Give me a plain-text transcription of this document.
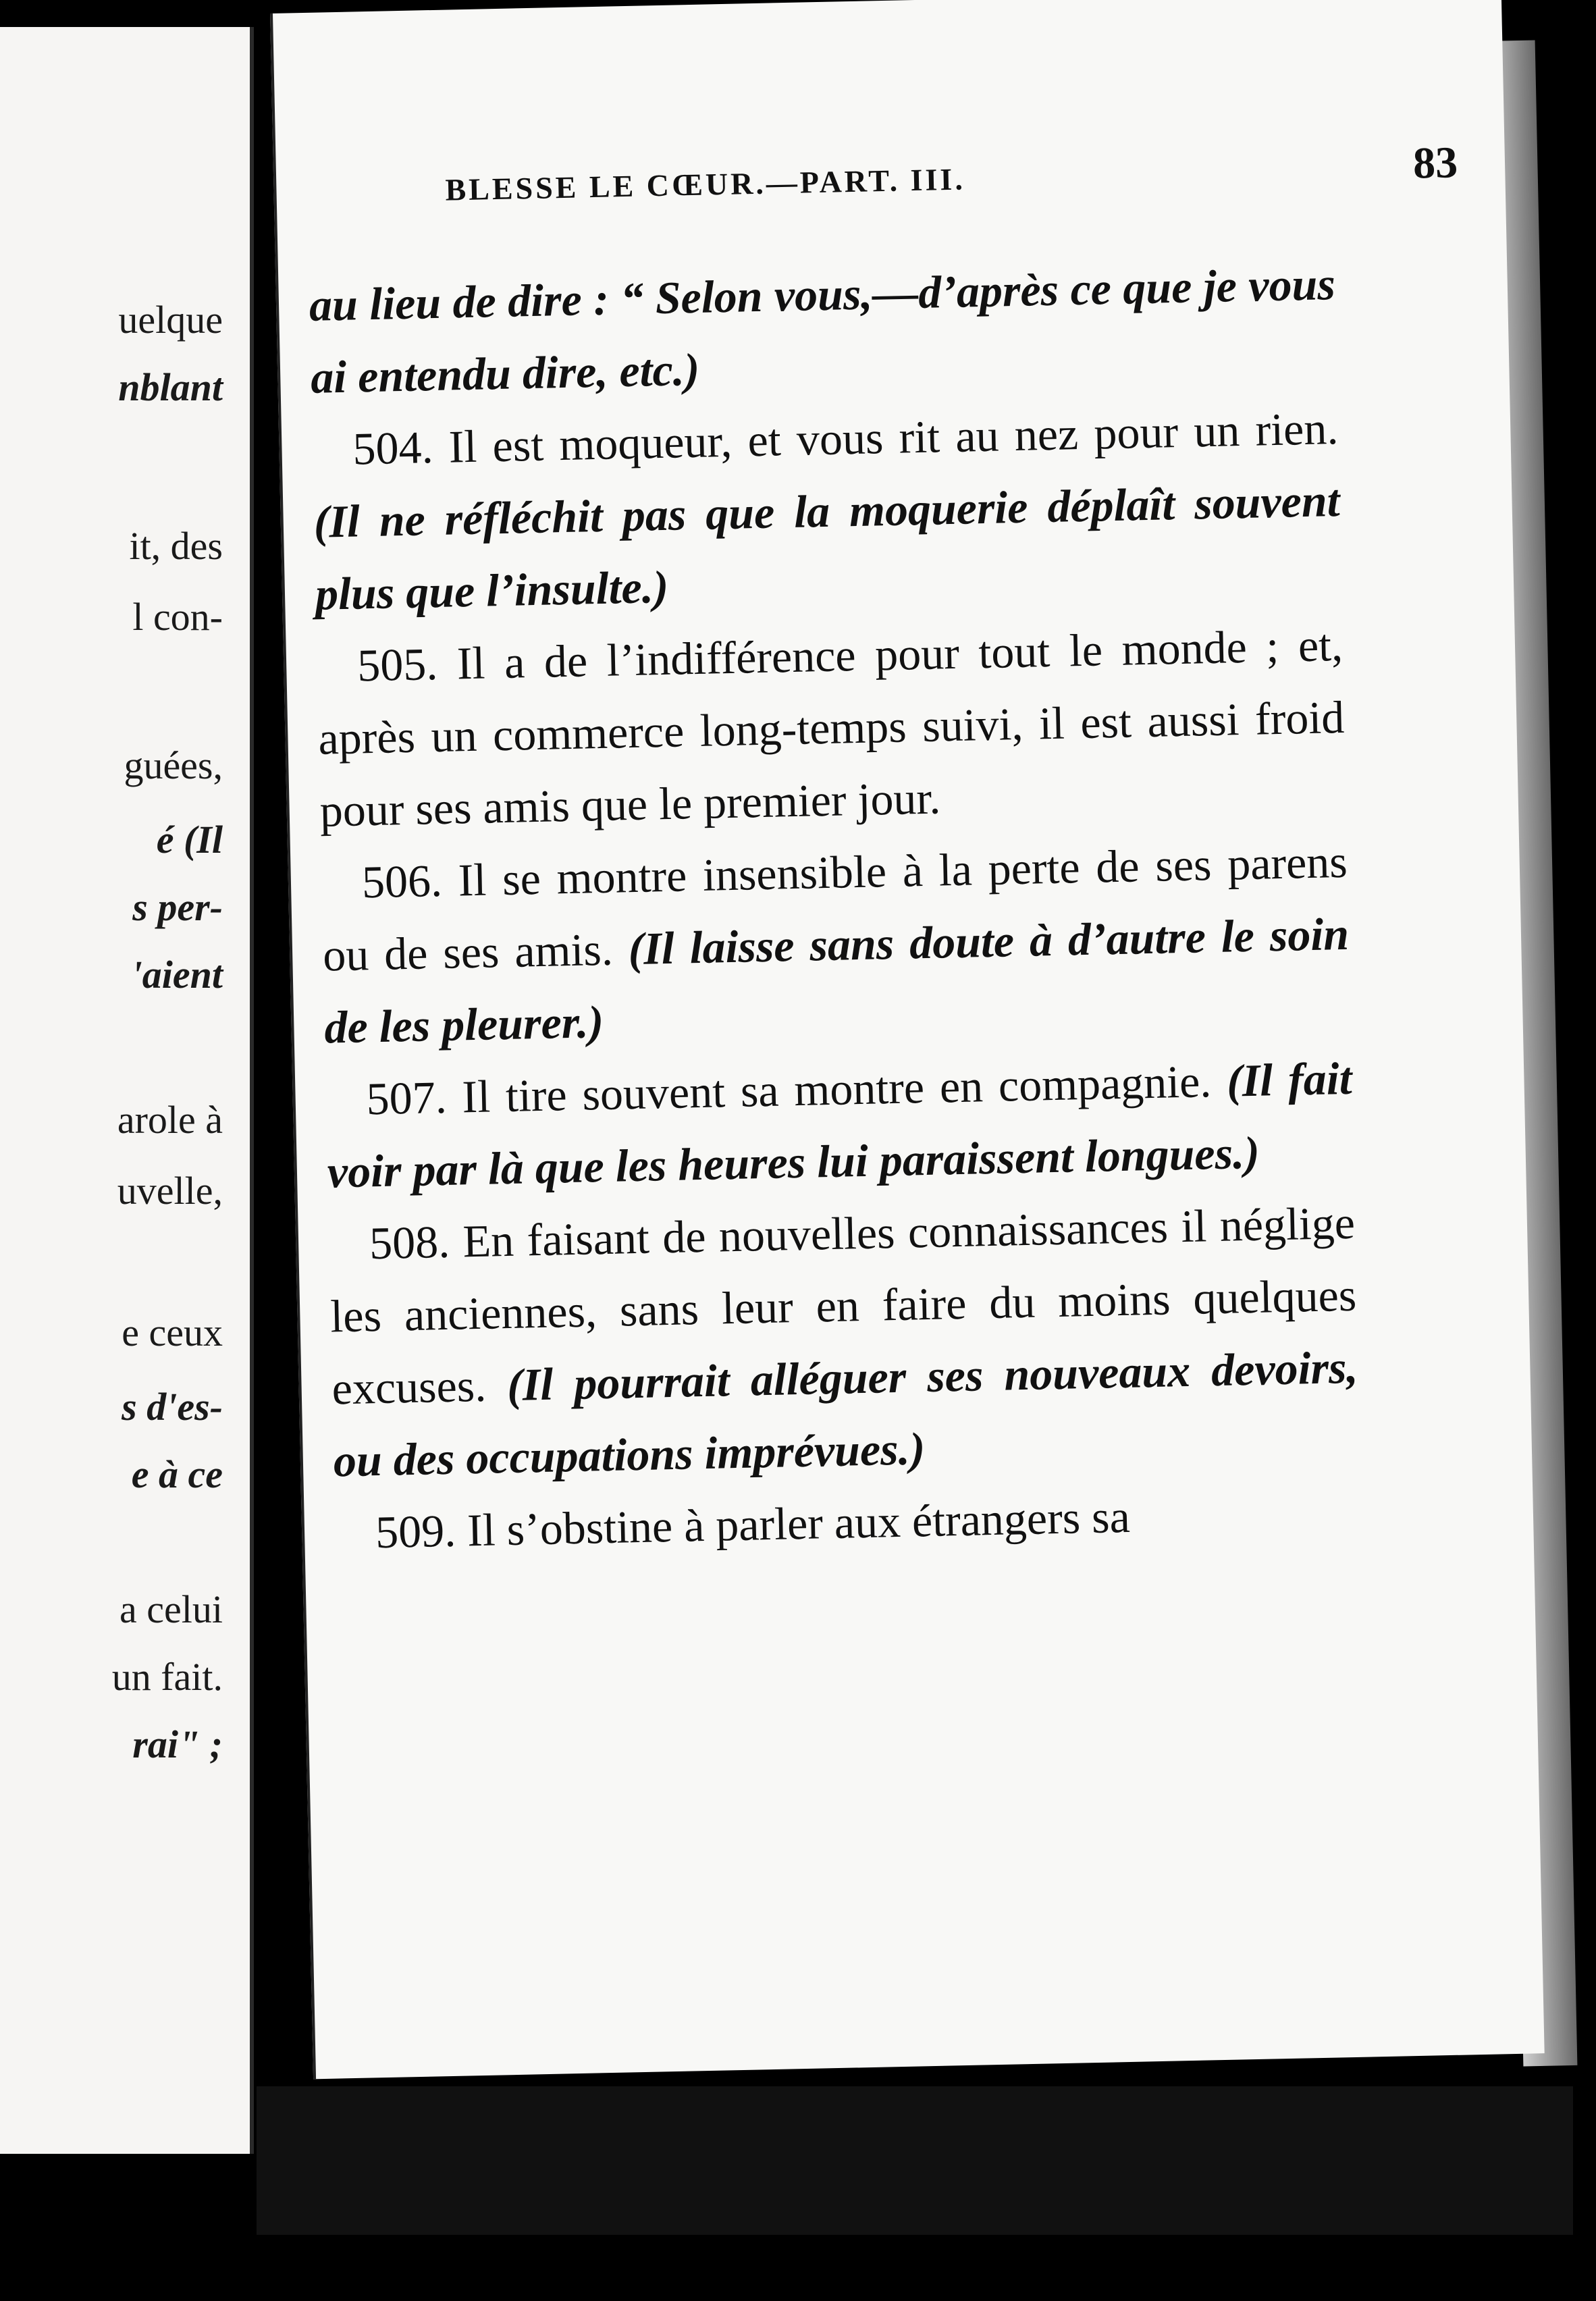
uelque
nblant
it, des
l con-
guées,
é (Il
s per-
'aient
arole à
uvelle,
e ceux
s d'es-
e à ce
a celui
un fait.
rai" ;
BLESSE LE CŒUR.—PART. III.	83

au lieu de dire : “ Selon vous,—d’après ce que je vous ai entendu dire, etc.)

504. Il est moqueur, et vous rit au nez pour un rien. (Il ne réfléchit pas que la moquerie déplaît souvent plus que l’insulte.)

505. Il a de l’indifférence pour tout le monde ; et, après un commerce long-temps suivi, il est aussi froid pour ses amis que le premier jour.

506. Il se montre insensible à la perte de ses parens ou de ses amis. (Il laisse sans doute à d’autre le soin de les pleurer.)

507. Il tire souvent sa montre en compagnie. (Il fait voir par là que les heures lui paraissent longues.)

508. En faisant de nouvelles connaissances il néglige les anciennes, sans leur en faire du moins quelques excuses. (Il pourrait alléguer ses nouveaux devoirs, ou des occupations imprévues.)

509. Il s’obstine à parler aux étrangers sa
